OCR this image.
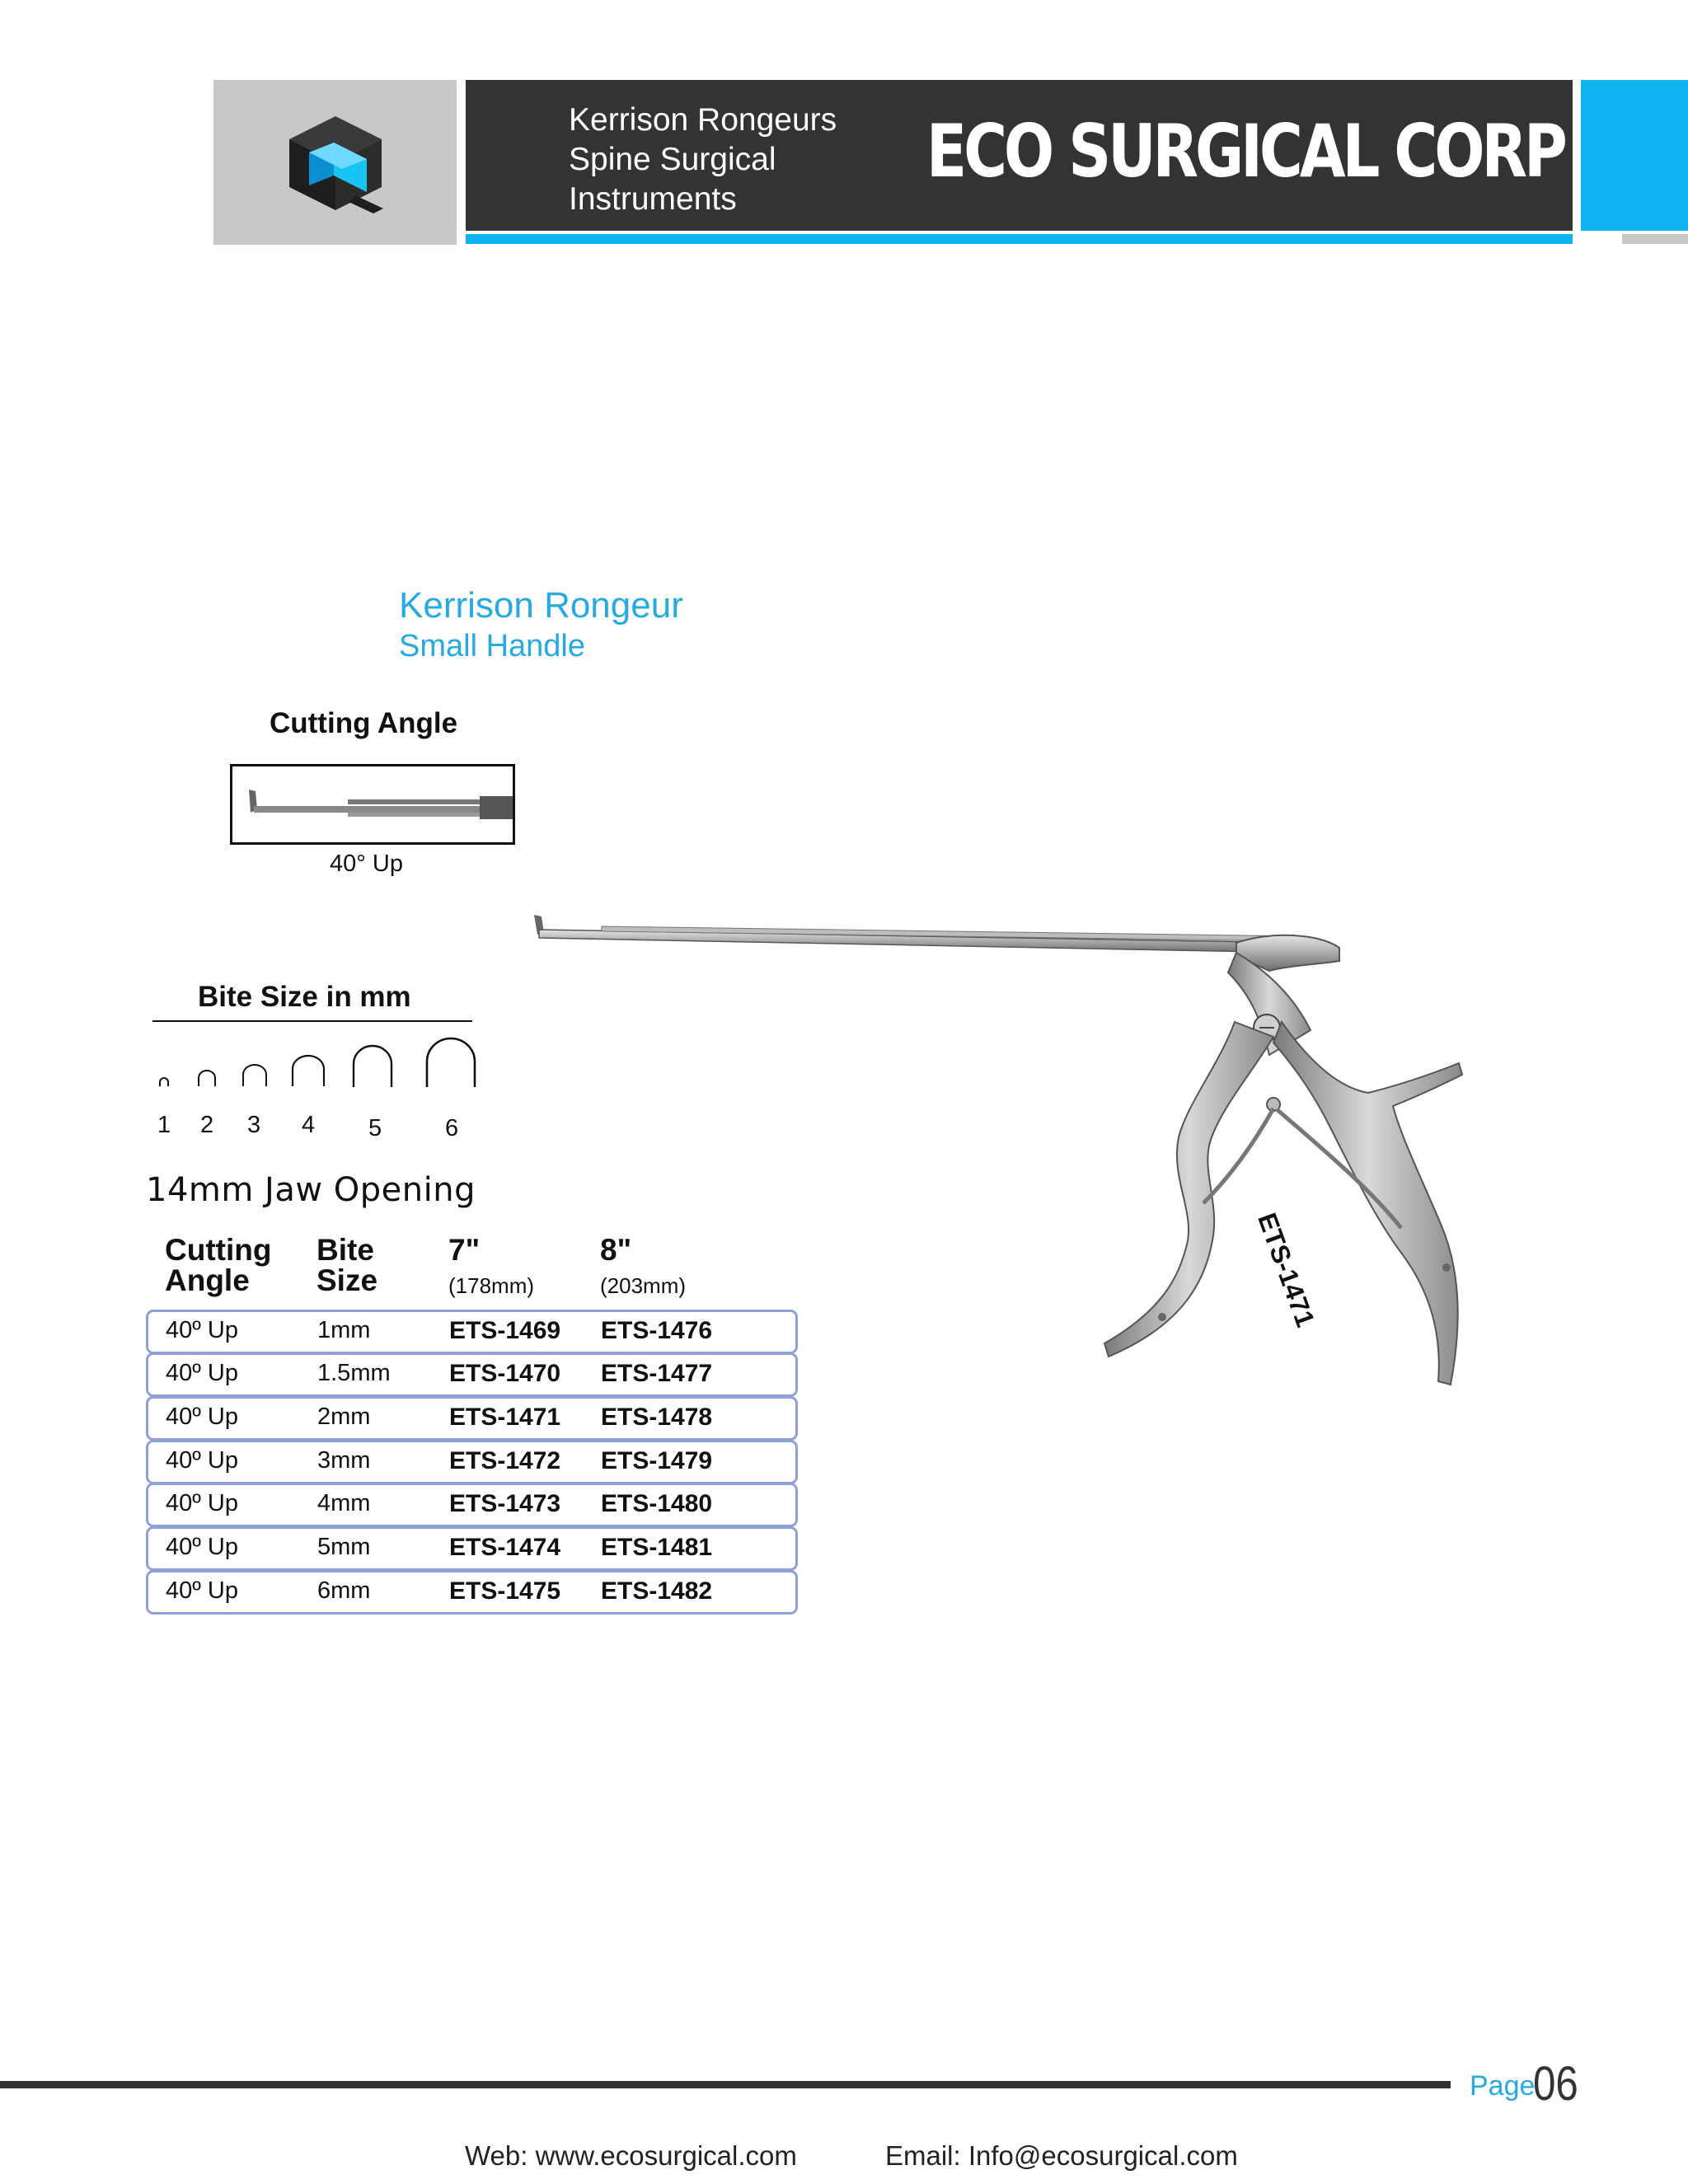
Kerrison Rongeurs
Spine Surgical
Instruments
ECO SURGICAL CORP
Kerrison Rongeur
Small Handle
Cutting Angle
40° Up
Bite Size in mm
1 2 3 4 5	6
14mm Jaw Opening
Cutting
Angle
Bite
Size
7"
(178mm)
8"
(203mm)
40º Up	1mm	ETS-1469 ETS-1476
40º Up	1.5mm ETS-1470 ETS-1477
40º Up	2mm	ETS-1471 ETS-1478
40º Up	3mm	ETS-1472 ETS-1479
40º Up	4mm	ETS-1473 ETS-1480
40º Up	5mm	ETS-1474 ETS-1481
40º Up	6mm	ETS-1475 ETS-1482
ETS-1471
Page
06
Web: www.ecosurgical.com	Email: Info@ecosurgical.com
